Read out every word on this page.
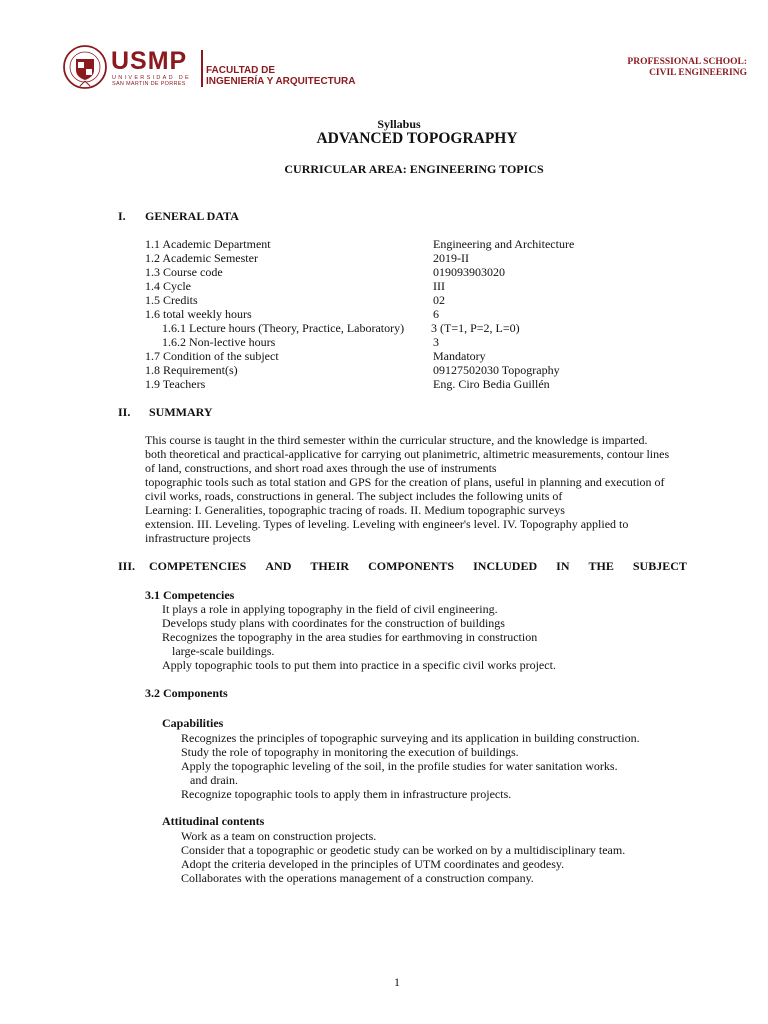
USMP
UNIVERSIDAD DE
SAN MARTIN DE PORRES
FACULTAD DE
INGENIERÍA Y ARQUITECTURA
PROFESSIONAL SCHOOL:
CIVIL ENGINEERING
Syllabus
ADVANCED TOPOGRAPHY
CURRICULAR AREA: ENGINEERING TOPICS
I. GENERAL DATA
1.1 Academic Department	Engineering and Architecture
1.2 Academic Semester	2019-II
1.3 Course code	019093903020
1.4 Cycle	III
1.5 Credits	02
1.6 total weekly hours	6
1.6.1 Lecture hours (Theory, Practice, Laboratory) 3 (T=1, P=2, L=0)
1.6.2 Non-lective hours	3
1.7 Condition of the subject	Mandatory
1.8 Requirement(s)	09127502030 Topography
1.9 Teachers	Eng. Ciro Bedia Guillén
II. SUMMARY
This course is taught in the third semester within the curricular structure, and the knowledge is imparted.
both theoretical and practical-applicative for carrying out planimetric, altimetric measurements, contour lines
of land, constructions, and short road axes through the use of instruments
topographic tools such as total station and GPS for the creation of plans, useful in planning and execution of
civil works, roads, constructions in general. The subject includes the following units of
Learning: I. Generalities, topographic tracing of roads. II. Medium topographic surveys
extension. III. Leveling. Types of leveling. Leveling with engineer's level. IV. Topography applied to
infrastructure projects
III. COMPETENCIES AND THEIR COMPONENTS INCLUDED IN THE SUBJECT
3.1 Competencies
It plays a role in applying topography in the field of civil engineering.
Develops study plans with coordinates for the construction of buildings
Recognizes the topography in the area studies for earthmoving in construction
large-scale buildings.
Apply topographic tools to put them into practice in a specific civil works project.
3.2 Components
Capabilities
Recognizes the principles of topographic surveying and its application in building construction.
Study the role of topography in monitoring the execution of buildings.
Apply the topographic leveling of the soil, in the profile studies for water sanitation works.
and drain.
Recognize topographic tools to apply them in infrastructure projects.
Attitudinal contents
Work as a team on construction projects.
Consider that a topographic or geodetic study can be worked on by a multidisciplinary team.
Adopt the criteria developed in the principles of UTM coordinates and geodesy.
Collaborates with the operations management of a construction company.
1
